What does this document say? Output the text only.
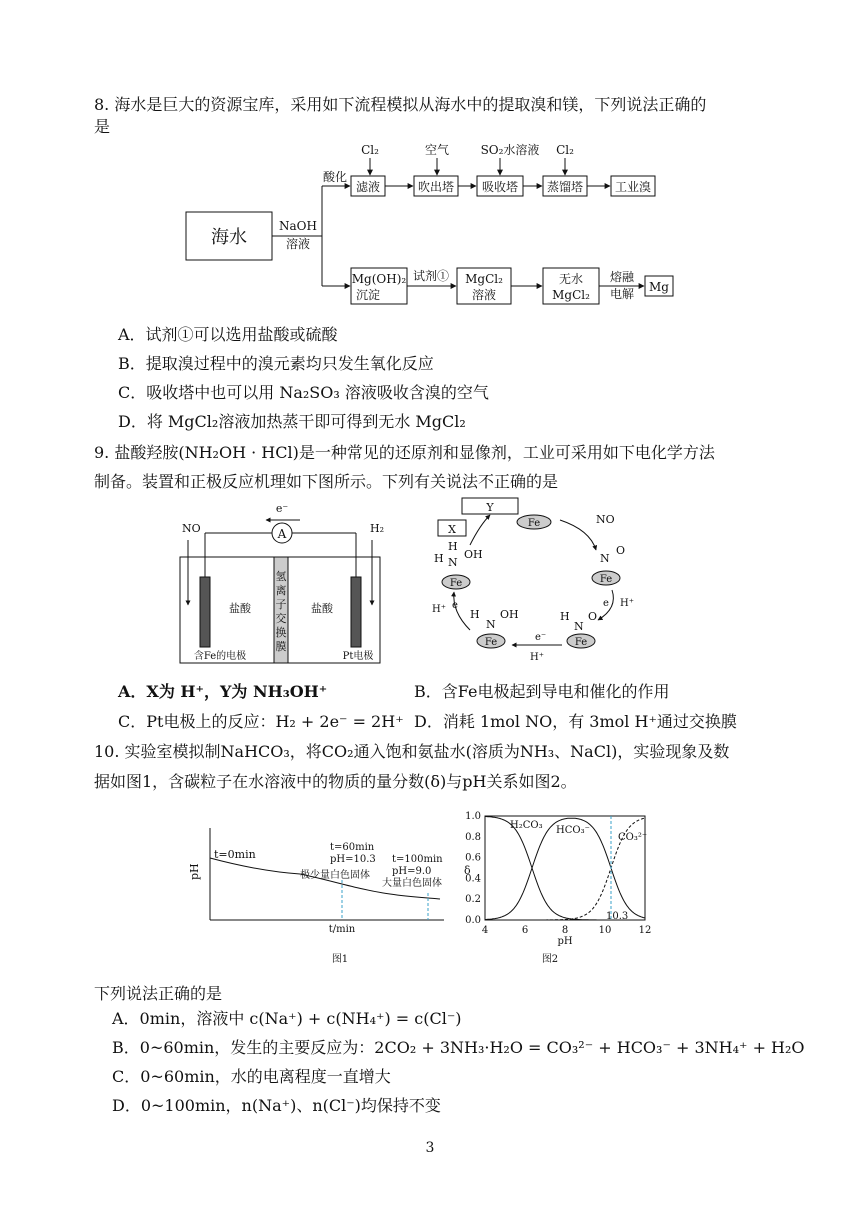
8. 海水是巨大的资源宝库，采用如下流程模拟从海水中的提取溴和镁，下列说法正确的
是
海水
NaOH
溶液
酸化
滤液	吹出塔 吸收塔 蒸馏塔	工业溴
Cl₂	空气	SO₂水溶液 Cl₂
Mg(OH)₂
沉淀
试剂① MgCl₂
溶液
无水
MgCl₂
熔融
电解 Mg
A．试剂①可以选用盐酸或硫酸
B．提取溴过程中的溴元素均只发生氧化反应
C．吸收塔中也可以用 Na₂SO₃ 溶液吸收含溴的空气
D．将 MgCl₂溶液加热蒸干即可得到无水 MgCl₂
9. 盐酸羟胺(NH₂OH · HCl)是一种常见的还原剂和显像剂，工业可采用如下电化学方法
制备。装置和正极反应机理如下图所示。下列有关说法不正确的是
A
e⁻
NO	H₂
盐酸	盐酸
氢
离
子
交
换
膜
含Fe的电极	Pt电极
Y
X	Fe	NO
Fe
N
O
e H⁺
Fe
H
N
O
e⁻
H⁺
Fe
H
N
OH
H⁺ e
Fe
H
H N
OH
A．X为 H⁺，Y为 NH₃OH⁺	B．含Fe电极起到导电和催化的作用
C．Pt电极上的反应：H₂ + 2e⁻ = 2H⁺ D．消耗 1mol NO，有 3mol H⁺通过交换膜
10. 实验室模拟制NaHCO₃，将CO₂通入饱和氨盐水(溶质为NH₃、NaCl)，实验现象及数
据如图1，含碳粒子在水溶液中的物质的量分数(δ)与pH关系如图2。
pH
t=0min
t=60min
pH=10.3
极少量白色固体
t=100min
pH=9.0
大量白色固体
t/min
图1
1.0
0.8
0.6
0.4
0.2
0.0
4	6	8	10	12
H₂CO₃ HCO₃⁻
CO₃²⁻
10.3
δ
pH
图2
下列说法正确的是
A．0min，溶液中 c(Na⁺) + c(NH₄⁺) = c(Cl⁻)
B．0~60min，发生的主要反应为：2CO₂ + 3NH₃·H₂O = CO₃²⁻ + HCO₃⁻ + 3NH₄⁺ + H₂O
C．0~60min，水的电离程度一直增大
D．0~100min，n(Na⁺)、n(Cl⁻)均保持不变
3
